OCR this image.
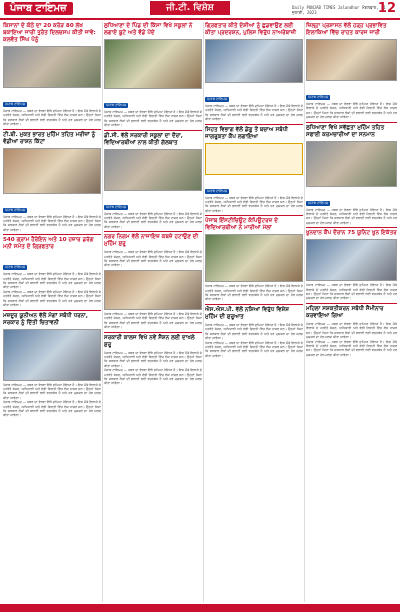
ਪੰਜਾਬ ਟਾਇਮਜ਼	ਜੀ.ਟੀ. ਵਿਸ਼ੇਸ਼	Daily PUNJAB TIMES Jalandhar ਮੰਗਲਵਾਰ, 11 ਜੁਲਾਈ, 2023	12
ਕਿਸਾਨਾਂ ਦੇ ਕੋਠੇ ਦਾ 20 ਕਰੋੜ 80 ਲੱਖ ਬਕਾਇਆ ਜਾਰੀ ਤੁਰੰਤ ਦਿਲਚਸਪ ਕੀਤੀ ਜਾਵੇ: ਕਲਵੰਤ ਸਿੰਘ ਪੰਨੂੰ
ਪੰਜਾਬ ਟਾਇਮਜ਼
ਪੰਜਾਬ ਟਾਇਮਜ਼ — ਖ਼ਬਰ ਦਾ ਵੇਰਵਾ ਇੱਥੇ ਛਪਿਆ ਹੋਇਆ ਹੈ। ਇਸ ਮੌਕੇ ਇਲਾਕੇ ਦੇ ਪਤਵੰਤੇ ਸੱਜਣ, ਅਧਿਕਾਰੀ ਅਤੇ ਵੱਡੀ ਗਿਣਤੀ ਵਿੱਚ ਲੋਕ ਹਾਜ਼ਰ ਸਨ। ਉਨ੍ਹਾਂ ਕਿਹਾ ਕਿ ਸਰਕਾਰ ਲੋਕਾਂ ਦੀ ਭਲਾਈ ਲਈ ਵਚਨਬੱਧ ਹੈ ਅਤੇ ਹਰ ਮੁਸ਼ਕਲ ਦਾ ਹੱਲ ਜਲਦ ਕੀਤਾ ਜਾਵੇਗਾ।
ਟੀ.ਬੀ. ਮੁਕਤ ਭਾਰਤ ਮੁਹਿੰਮ ਤਹਿਤ ਮਰੀਜ਼ਾਂ ਨੂੰ ਵੰਡੀਆਂ ਰਾਸ਼ਨ ਕਿੱਟਾਂ
ਪੰਜਾਬ ਟਾਇਮਜ਼
ਪੰਜਾਬ ਟਾਇਮਜ਼ — ਖ਼ਬਰ ਦਾ ਵੇਰਵਾ ਇੱਥੇ ਛਪਿਆ ਹੋਇਆ ਹੈ। ਇਸ ਮੌਕੇ ਇਲਾਕੇ ਦੇ ਪਤਵੰਤੇ ਸੱਜਣ, ਅਧਿਕਾਰੀ ਅਤੇ ਵੱਡੀ ਗਿਣਤੀ ਵਿੱਚ ਲੋਕ ਹਾਜ਼ਰ ਸਨ। ਉਨ੍ਹਾਂ ਕਿਹਾ ਕਿ ਸਰਕਾਰ ਲੋਕਾਂ ਦੀ ਭਲਾਈ ਲਈ ਵਚਨਬੱਧ ਹੈ ਅਤੇ ਹਰ ਮੁਸ਼ਕਲ ਦਾ ਹੱਲ ਜਲਦ ਕੀਤਾ ਜਾਵੇਗਾ।
540 ਗ੍ਰਾਮ ਹੈਰੋਇਨ ਅਤੇ 10 ਹਜ਼ਾਰ ਡਰੱਗ ਮਨੀ ਸਮੇਤ ਦੋ ਗ੍ਰਿਫਤਾਰ
ਪੰਜਾਬ ਟਾਇਮਜ਼
ਪੰਜਾਬ ਟਾਇਮਜ਼ — ਖ਼ਬਰ ਦਾ ਵੇਰਵਾ ਇੱਥੇ ਛਪਿਆ ਹੋਇਆ ਹੈ। ਇਸ ਮੌਕੇ ਇਲਾਕੇ ਦੇ ਪਤਵੰਤੇ ਸੱਜਣ, ਅਧਿਕਾਰੀ ਅਤੇ ਵੱਡੀ ਗਿਣਤੀ ਵਿੱਚ ਲੋਕ ਹਾਜ਼ਰ ਸਨ। ਉਨ੍ਹਾਂ ਕਿਹਾ ਕਿ ਸਰਕਾਰ ਲੋਕਾਂ ਦੀ ਭਲਾਈ ਲਈ ਵਚਨਬੱਧ ਹੈ ਅਤੇ ਹਰ ਮੁਸ਼ਕਲ ਦਾ ਹੱਲ ਜਲਦ ਕੀਤਾ ਜਾਵੇਗਾ।
ਪੰਜਾਬ ਟਾਇਮਜ਼ — ਖ਼ਬਰ ਦਾ ਵੇਰਵਾ ਇੱਥੇ ਛਪਿਆ ਹੋਇਆ ਹੈ। ਇਸ ਮੌਕੇ ਇਲਾਕੇ ਦੇ ਪਤਵੰਤੇ ਸੱਜਣ, ਅਧਿਕਾਰੀ ਅਤੇ ਵੱਡੀ ਗਿਣਤੀ ਵਿੱਚ ਲੋਕ ਹਾਜ਼ਰ ਸਨ। ਉਨ੍ਹਾਂ ਕਿਹਾ ਕਿ ਸਰਕਾਰ ਲੋਕਾਂ ਦੀ ਭਲਾਈ ਲਈ ਵਚਨਬੱਧ ਹੈ ਅਤੇ ਹਰ ਮੁਸ਼ਕਲ ਦਾ ਹੱਲ ਜਲਦ ਕੀਤਾ ਜਾਵੇਗਾ।
ਮਜ਼ਦੂਰ ਯੂਨੀਅਨ ਵੱਲੋਂ ਮੰਗਾਂ ਸਬੰਧੀ ਧਰਨਾ, ਸਰਕਾਰ ਨੂੰ ਦਿੱਤੀ ਚਿਤਾਵਨੀ
ਪੰਜਾਬ ਟਾਇਮਜ਼ — ਖ਼ਬਰ ਦਾ ਵੇਰਵਾ ਇੱਥੇ ਛਪਿਆ ਹੋਇਆ ਹੈ। ਇਸ ਮੌਕੇ ਇਲਾਕੇ ਦੇ ਪਤਵੰਤੇ ਸੱਜਣ, ਅਧਿਕਾਰੀ ਅਤੇ ਵੱਡੀ ਗਿਣਤੀ ਵਿੱਚ ਲੋਕ ਹਾਜ਼ਰ ਸਨ। ਉਨ੍ਹਾਂ ਕਿਹਾ ਕਿ ਸਰਕਾਰ ਲੋਕਾਂ ਦੀ ਭਲਾਈ ਲਈ ਵਚਨਬੱਧ ਹੈ ਅਤੇ ਹਰ ਮੁਸ਼ਕਲ ਦਾ ਹੱਲ ਜਲਦ ਕੀਤਾ ਜਾਵੇਗਾ।
ਪੰਜਾਬ ਟਾਇਮਜ਼ — ਖ਼ਬਰ ਦਾ ਵੇਰਵਾ ਇੱਥੇ ਛਪਿਆ ਹੋਇਆ ਹੈ। ਇਸ ਮੌਕੇ ਇਲਾਕੇ ਦੇ ਪਤਵੰਤੇ ਸੱਜਣ, ਅਧਿਕਾਰੀ ਅਤੇ ਵੱਡੀ ਗਿਣਤੀ ਵਿੱਚ ਲੋਕ ਹਾਜ਼ਰ ਸਨ। ਉਨ੍ਹਾਂ ਕਿਹਾ ਕਿ ਸਰਕਾਰ ਲੋਕਾਂ ਦੀ ਭਲਾਈ ਲਈ ਵਚਨਬੱਧ ਹੈ ਅਤੇ ਹਰ ਮੁਸ਼ਕਲ ਦਾ ਹੱਲ ਜਲਦ ਕੀਤਾ ਜਾਵੇਗਾ।
ਲੁਧਿਆਣਾ ਦੇ ਪਿੰਡ ਦੀ ਕਿੱਸਾ ਵਿਖੇ ਸਕੂਲਾਂ ਨੇ ਲਗਾਏ ਬੂਟੇ ਅਤੇ ਵੰਡੇ ਪੌਦੇ
ਪੰਜਾਬ ਟਾਇਮਜ਼
ਪੰਜਾਬ ਟਾਇਮਜ਼ — ਖ਼ਬਰ ਦਾ ਵੇਰਵਾ ਇੱਥੇ ਛਪਿਆ ਹੋਇਆ ਹੈ। ਇਸ ਮੌਕੇ ਇਲਾਕੇ ਦੇ ਪਤਵੰਤੇ ਸੱਜਣ, ਅਧਿਕਾਰੀ ਅਤੇ ਵੱਡੀ ਗਿਣਤੀ ਵਿੱਚ ਲੋਕ ਹਾਜ਼ਰ ਸਨ। ਉਨ੍ਹਾਂ ਕਿਹਾ ਕਿ ਸਰਕਾਰ ਲੋਕਾਂ ਦੀ ਭਲਾਈ ਲਈ ਵਚਨਬੱਧ ਹੈ ਅਤੇ ਹਰ ਮੁਸ਼ਕਲ ਦਾ ਹੱਲ ਜਲਦ ਕੀਤਾ ਜਾਵੇਗਾ।
ਡੀ.ਸੀ. ਵੱਲੋਂ ਸਰਕਾਰੀ ਸਕੂਲਾਂ ਦਾ ਦੌਰਾ, ਵਿਦਿਆਰਥੀਆਂ ਨਾਲ ਕੀਤੀ ਗੱਲਬਾਤ
ਪੰਜਾਬ ਟਾਇਮਜ਼
ਪੰਜਾਬ ਟਾਇਮਜ਼ — ਖ਼ਬਰ ਦਾ ਵੇਰਵਾ ਇੱਥੇ ਛਪਿਆ ਹੋਇਆ ਹੈ। ਇਸ ਮੌਕੇ ਇਲਾਕੇ ਦੇ ਪਤਵੰਤੇ ਸੱਜਣ, ਅਧਿਕਾਰੀ ਅਤੇ ਵੱਡੀ ਗਿਣਤੀ ਵਿੱਚ ਲੋਕ ਹਾਜ਼ਰ ਸਨ। ਉਨ੍ਹਾਂ ਕਿਹਾ ਕਿ ਸਰਕਾਰ ਲੋਕਾਂ ਦੀ ਭਲਾਈ ਲਈ ਵਚਨਬੱਧ ਹੈ ਅਤੇ ਹਰ ਮੁਸ਼ਕਲ ਦਾ ਹੱਲ ਜਲਦ ਕੀਤਾ ਜਾਵੇਗਾ।
ਨਗਰ ਨਿਗਮ ਵੱਲੋਂ ਨਾਜਾਇਜ਼ ਕਬਜ਼ੇ ਹਟਾਉਣ ਦੀ ਮੁਹਿੰਮ ਸ਼ੁਰੂ
ਪੰਜਾਬ ਟਾਇਮਜ਼ — ਖ਼ਬਰ ਦਾ ਵੇਰਵਾ ਇੱਥੇ ਛਪਿਆ ਹੋਇਆ ਹੈ। ਇਸ ਮੌਕੇ ਇਲਾਕੇ ਦੇ ਪਤਵੰਤੇ ਸੱਜਣ, ਅਧਿਕਾਰੀ ਅਤੇ ਵੱਡੀ ਗਿਣਤੀ ਵਿੱਚ ਲੋਕ ਹਾਜ਼ਰ ਸਨ। ਉਨ੍ਹਾਂ ਕਿਹਾ ਕਿ ਸਰਕਾਰ ਲੋਕਾਂ ਦੀ ਭਲਾਈ ਲਈ ਵਚਨਬੱਧ ਹੈ ਅਤੇ ਹਰ ਮੁਸ਼ਕਲ ਦਾ ਹੱਲ ਜਲਦ ਕੀਤਾ ਜਾਵੇਗਾ।
ਪੰਜਾਬ ਟਾਇਮਜ਼ — ਖ਼ਬਰ ਦਾ ਵੇਰਵਾ ਇੱਥੇ ਛਪਿਆ ਹੋਇਆ ਹੈ। ਇਸ ਮੌਕੇ ਇਲਾਕੇ ਦੇ ਪਤਵੰਤੇ ਸੱਜਣ, ਅਧਿਕਾਰੀ ਅਤੇ ਵੱਡੀ ਗਿਣਤੀ ਵਿੱਚ ਲੋਕ ਹਾਜ਼ਰ ਸਨ। ਉਨ੍ਹਾਂ ਕਿਹਾ ਕਿ ਸਰਕਾਰ ਲੋਕਾਂ ਦੀ ਭਲਾਈ ਲਈ ਵਚਨਬੱਧ ਹੈ ਅਤੇ ਹਰ ਮੁਸ਼ਕਲ ਦਾ ਹੱਲ ਜਲਦ ਕੀਤਾ ਜਾਵੇਗਾ।
ਸਰਕਾਰੀ ਕਾਲਜ ਵਿਖੇ ਨਵੇਂ ਸੈਸ਼ਨ ਲਈ ਦਾਖਲੇ ਸ਼ੁਰੂ
ਪੰਜਾਬ ਟਾਇਮਜ਼ — ਖ਼ਬਰ ਦਾ ਵੇਰਵਾ ਇੱਥੇ ਛਪਿਆ ਹੋਇਆ ਹੈ। ਇਸ ਮੌਕੇ ਇਲਾਕੇ ਦੇ ਪਤਵੰਤੇ ਸੱਜਣ, ਅਧਿਕਾਰੀ ਅਤੇ ਵੱਡੀ ਗਿਣਤੀ ਵਿੱਚ ਲੋਕ ਹਾਜ਼ਰ ਸਨ। ਉਨ੍ਹਾਂ ਕਿਹਾ ਕਿ ਸਰਕਾਰ ਲੋਕਾਂ ਦੀ ਭਲਾਈ ਲਈ ਵਚਨਬੱਧ ਹੈ ਅਤੇ ਹਰ ਮੁਸ਼ਕਲ ਦਾ ਹੱਲ ਜਲਦ ਕੀਤਾ ਜਾਵੇਗਾ।
ਪੰਜਾਬ ਟਾਇਮਜ਼ — ਖ਼ਬਰ ਦਾ ਵੇਰਵਾ ਇੱਥੇ ਛਪਿਆ ਹੋਇਆ ਹੈ। ਇਸ ਮੌਕੇ ਇਲਾਕੇ ਦੇ ਪਤਵੰਤੇ ਸੱਜਣ, ਅਧਿਕਾਰੀ ਅਤੇ ਵੱਡੀ ਗਿਣਤੀ ਵਿੱਚ ਲੋਕ ਹਾਜ਼ਰ ਸਨ। ਉਨ੍ਹਾਂ ਕਿਹਾ ਕਿ ਸਰਕਾਰ ਲੋਕਾਂ ਦੀ ਭਲਾਈ ਲਈ ਵਚਨਬੱਧ ਹੈ ਅਤੇ ਹਰ ਮੁਸ਼ਕਲ ਦਾ ਹੱਲ ਜਲਦ ਕੀਤਾ ਜਾਵੇਗਾ।
ਗ੍ਰਿਫਤਾਰ ਕੀਤੇ ਦੋਸ਼ੀਆਂ ਨੂੰ ਛੁਡਵਾਉਣ ਲਈ ਕੀਤਾ ਪ੍ਰਦਰਸ਼ਨ, ਪੁਲਿਸ ਵਿਰੁੱਧ ਨਾਅਰੇਬਾਜ਼ੀ
ਪੰਜਾਬ ਟਾਇਮਜ਼
ਪੰਜਾਬ ਟਾਇਮਜ਼ — ਖ਼ਬਰ ਦਾ ਵੇਰਵਾ ਇੱਥੇ ਛਪਿਆ ਹੋਇਆ ਹੈ। ਇਸ ਮੌਕੇ ਇਲਾਕੇ ਦੇ ਪਤਵੰਤੇ ਸੱਜਣ, ਅਧਿਕਾਰੀ ਅਤੇ ਵੱਡੀ ਗਿਣਤੀ ਵਿੱਚ ਲੋਕ ਹਾਜ਼ਰ ਸਨ। ਉਨ੍ਹਾਂ ਕਿਹਾ ਕਿ ਸਰਕਾਰ ਲੋਕਾਂ ਦੀ ਭਲਾਈ ਲਈ ਵਚਨਬੱਧ ਹੈ ਅਤੇ ਹਰ ਮੁਸ਼ਕਲ ਦਾ ਹੱਲ ਜਲਦ ਕੀਤਾ ਜਾਵੇਗਾ।
ਸਿਹਤ ਵਿਭਾਗ ਵੱਲੋਂ ਡੇਂਗੂ ਤੋਂ ਬਚਾਅ ਸਬੰਧੀ ਜਾਗਰੂਕਤਾ ਕੈਂਪ ਲਗਾਇਆ
ਪੰਜਾਬ ਟਾਇਮਜ਼
ਪੰਜਾਬ ਟਾਇਮਜ਼ — ਖ਼ਬਰ ਦਾ ਵੇਰਵਾ ਇੱਥੇ ਛਪਿਆ ਹੋਇਆ ਹੈ। ਇਸ ਮੌਕੇ ਇਲਾਕੇ ਦੇ ਪਤਵੰਤੇ ਸੱਜਣ, ਅਧਿਕਾਰੀ ਅਤੇ ਵੱਡੀ ਗਿਣਤੀ ਵਿੱਚ ਲੋਕ ਹਾਜ਼ਰ ਸਨ। ਉਨ੍ਹਾਂ ਕਿਹਾ ਕਿ ਸਰਕਾਰ ਲੋਕਾਂ ਦੀ ਭਲਾਈ ਲਈ ਵਚਨਬੱਧ ਹੈ ਅਤੇ ਹਰ ਮੁਸ਼ਕਲ ਦਾ ਹੱਲ ਜਲਦ ਕੀਤਾ ਜਾਵੇਗਾ।
ਪੰਜਾਬ ਇੰਸਟੀਚਿਊਟ ਕੰਪਿਊਟਰਜ਼ ਦੇ ਵਿਦਿਆਰਥੀਆਂ ਨੇ ਮਾਰੀਆਂ ਮੱਲਾਂ
ਪੰਜਾਬ ਟਾਇਮਜ਼ — ਖ਼ਬਰ ਦਾ ਵੇਰਵਾ ਇੱਥੇ ਛਪਿਆ ਹੋਇਆ ਹੈ। ਇਸ ਮੌਕੇ ਇਲਾਕੇ ਦੇ ਪਤਵੰਤੇ ਸੱਜਣ, ਅਧਿਕਾਰੀ ਅਤੇ ਵੱਡੀ ਗਿਣਤੀ ਵਿੱਚ ਲੋਕ ਹਾਜ਼ਰ ਸਨ। ਉਨ੍ਹਾਂ ਕਿਹਾ ਕਿ ਸਰਕਾਰ ਲੋਕਾਂ ਦੀ ਭਲਾਈ ਲਈ ਵਚਨਬੱਧ ਹੈ ਅਤੇ ਹਰ ਮੁਸ਼ਕਲ ਦਾ ਹੱਲ ਜਲਦ ਕੀਤਾ ਜਾਵੇਗਾ।
ਐਸ.ਐਸ.ਪੀ. ਵੱਲੋਂ ਨਸ਼ਿਆਂ ਵਿਰੁੱਧ ਵਿਸ਼ੇਸ਼ ਮੁਹਿੰਮ ਦੀ ਸ਼ੁਰੂਆਤ
ਪੰਜਾਬ ਟਾਇਮਜ਼ — ਖ਼ਬਰ ਦਾ ਵੇਰਵਾ ਇੱਥੇ ਛਪਿਆ ਹੋਇਆ ਹੈ। ਇਸ ਮੌਕੇ ਇਲਾਕੇ ਦੇ ਪਤਵੰਤੇ ਸੱਜਣ, ਅਧਿਕਾਰੀ ਅਤੇ ਵੱਡੀ ਗਿਣਤੀ ਵਿੱਚ ਲੋਕ ਹਾਜ਼ਰ ਸਨ। ਉਨ੍ਹਾਂ ਕਿਹਾ ਕਿ ਸਰਕਾਰ ਲੋਕਾਂ ਦੀ ਭਲਾਈ ਲਈ ਵਚਨਬੱਧ ਹੈ ਅਤੇ ਹਰ ਮੁਸ਼ਕਲ ਦਾ ਹੱਲ ਜਲਦ ਕੀਤਾ ਜਾਵੇਗਾ।
ਪੰਜਾਬ ਟਾਇਮਜ਼ — ਖ਼ਬਰ ਦਾ ਵੇਰਵਾ ਇੱਥੇ ਛਪਿਆ ਹੋਇਆ ਹੈ। ਇਸ ਮੌਕੇ ਇਲਾਕੇ ਦੇ ਪਤਵੰਤੇ ਸੱਜਣ, ਅਧਿਕਾਰੀ ਅਤੇ ਵੱਡੀ ਗਿਣਤੀ ਵਿੱਚ ਲੋਕ ਹਾਜ਼ਰ ਸਨ। ਉਨ੍ਹਾਂ ਕਿਹਾ ਕਿ ਸਰਕਾਰ ਲੋਕਾਂ ਦੀ ਭਲਾਈ ਲਈ ਵਚਨਬੱਧ ਹੈ ਅਤੇ ਹਰ ਮੁਸ਼ਕਲ ਦਾ ਹੱਲ ਜਲਦ ਕੀਤਾ ਜਾਵੇਗਾ।
ਜ਼ਿਲ੍ਹਾ ਪ੍ਰਸ਼ਾਸਨ ਵੱਲੋਂ ਹੜ੍ਹ ਪ੍ਰਭਾਵਿਤ ਇਲਾਕਿਆਂ ਵਿੱਚ ਰਾਹਤ ਕਾਰਜ ਜਾਰੀ
ਪੰਜਾਬ ਟਾਇਮਜ਼
ਪੰਜਾਬ ਟਾਇਮਜ਼ — ਖ਼ਬਰ ਦਾ ਵੇਰਵਾ ਇੱਥੇ ਛਪਿਆ ਹੋਇਆ ਹੈ। ਇਸ ਮੌਕੇ ਇਲਾਕੇ ਦੇ ਪਤਵੰਤੇ ਸੱਜਣ, ਅਧਿਕਾਰੀ ਅਤੇ ਵੱਡੀ ਗਿਣਤੀ ਵਿੱਚ ਲੋਕ ਹਾਜ਼ਰ ਸਨ। ਉਨ੍ਹਾਂ ਕਿਹਾ ਕਿ ਸਰਕਾਰ ਲੋਕਾਂ ਦੀ ਭਲਾਈ ਲਈ ਵਚਨਬੱਧ ਹੈ ਅਤੇ ਹਰ ਮੁਸ਼ਕਲ ਦਾ ਹੱਲ ਜਲਦ ਕੀਤਾ ਜਾਵੇਗਾ।
ਲੁਧਿਆਣਾ ਵਿਖੇ ਸਵੱਛਤਾ ਮੁਹਿੰਮ ਤਹਿਤ ਸਫਾਈ ਕਰਮਚਾਰੀਆਂ ਦਾ ਸਨਮਾਨ
ਪੰਜਾਬ ਟਾਇਮਜ਼
ਪੰਜਾਬ ਟਾਇਮਜ਼ — ਖ਼ਬਰ ਦਾ ਵੇਰਵਾ ਇੱਥੇ ਛਪਿਆ ਹੋਇਆ ਹੈ। ਇਸ ਮੌਕੇ ਇਲਾਕੇ ਦੇ ਪਤਵੰਤੇ ਸੱਜਣ, ਅਧਿਕਾਰੀ ਅਤੇ ਵੱਡੀ ਗਿਣਤੀ ਵਿੱਚ ਲੋਕ ਹਾਜ਼ਰ ਸਨ। ਉਨ੍ਹਾਂ ਕਿਹਾ ਕਿ ਸਰਕਾਰ ਲੋਕਾਂ ਦੀ ਭਲਾਈ ਲਈ ਵਚਨਬੱਧ ਹੈ ਅਤੇ ਹਰ ਮੁਸ਼ਕਲ ਦਾ ਹੱਲ ਜਲਦ ਕੀਤਾ ਜਾਵੇਗਾ।
ਖੂਨਦਾਨ ਕੈਂਪ ਦੌਰਾਨ 75 ਯੂਨਿਟ ਖੂਨ ਇਕੱਤਰ
ਪੰਜਾਬ ਟਾਇਮਜ਼ — ਖ਼ਬਰ ਦਾ ਵੇਰਵਾ ਇੱਥੇ ਛਪਿਆ ਹੋਇਆ ਹੈ। ਇਸ ਮੌਕੇ ਇਲਾਕੇ ਦੇ ਪਤਵੰਤੇ ਸੱਜਣ, ਅਧਿਕਾਰੀ ਅਤੇ ਵੱਡੀ ਗਿਣਤੀ ਵਿੱਚ ਲੋਕ ਹਾਜ਼ਰ ਸਨ। ਉਨ੍ਹਾਂ ਕਿਹਾ ਕਿ ਸਰਕਾਰ ਲੋਕਾਂ ਦੀ ਭਲਾਈ ਲਈ ਵਚਨਬੱਧ ਹੈ ਅਤੇ ਹਰ ਮੁਸ਼ਕਲ ਦਾ ਹੱਲ ਜਲਦ ਕੀਤਾ ਜਾਵੇਗਾ।
ਮਹਿਲਾ ਸਸ਼ਕਤੀਕਰਨ ਸਬੰਧੀ ਸੈਮੀਨਾਰ ਕਰਵਾਇਆ ਗਿਆ
ਪੰਜਾਬ ਟਾਇਮਜ਼ — ਖ਼ਬਰ ਦਾ ਵੇਰਵਾ ਇੱਥੇ ਛਪਿਆ ਹੋਇਆ ਹੈ। ਇਸ ਮੌਕੇ ਇਲਾਕੇ ਦੇ ਪਤਵੰਤੇ ਸੱਜਣ, ਅਧਿਕਾਰੀ ਅਤੇ ਵੱਡੀ ਗਿਣਤੀ ਵਿੱਚ ਲੋਕ ਹਾਜ਼ਰ ਸਨ। ਉਨ੍ਹਾਂ ਕਿਹਾ ਕਿ ਸਰਕਾਰ ਲੋਕਾਂ ਦੀ ਭਲਾਈ ਲਈ ਵਚਨਬੱਧ ਹੈ ਅਤੇ ਹਰ ਮੁਸ਼ਕਲ ਦਾ ਹੱਲ ਜਲਦ ਕੀਤਾ ਜਾਵੇਗਾ।
ਪੰਜਾਬ ਟਾਇਮਜ਼ — ਖ਼ਬਰ ਦਾ ਵੇਰਵਾ ਇੱਥੇ ਛਪਿਆ ਹੋਇਆ ਹੈ। ਇਸ ਮੌਕੇ ਇਲਾਕੇ ਦੇ ਪਤਵੰਤੇ ਸੱਜਣ, ਅਧਿਕਾਰੀ ਅਤੇ ਵੱਡੀ ਗਿਣਤੀ ਵਿੱਚ ਲੋਕ ਹਾਜ਼ਰ ਸਨ। ਉਨ੍ਹਾਂ ਕਿਹਾ ਕਿ ਸਰਕਾਰ ਲੋਕਾਂ ਦੀ ਭਲਾਈ ਲਈ ਵਚਨਬੱਧ ਹੈ ਅਤੇ ਹਰ ਮੁਸ਼ਕਲ ਦਾ ਹੱਲ ਜਲਦ ਕੀਤਾ ਜਾਵੇਗਾ।
